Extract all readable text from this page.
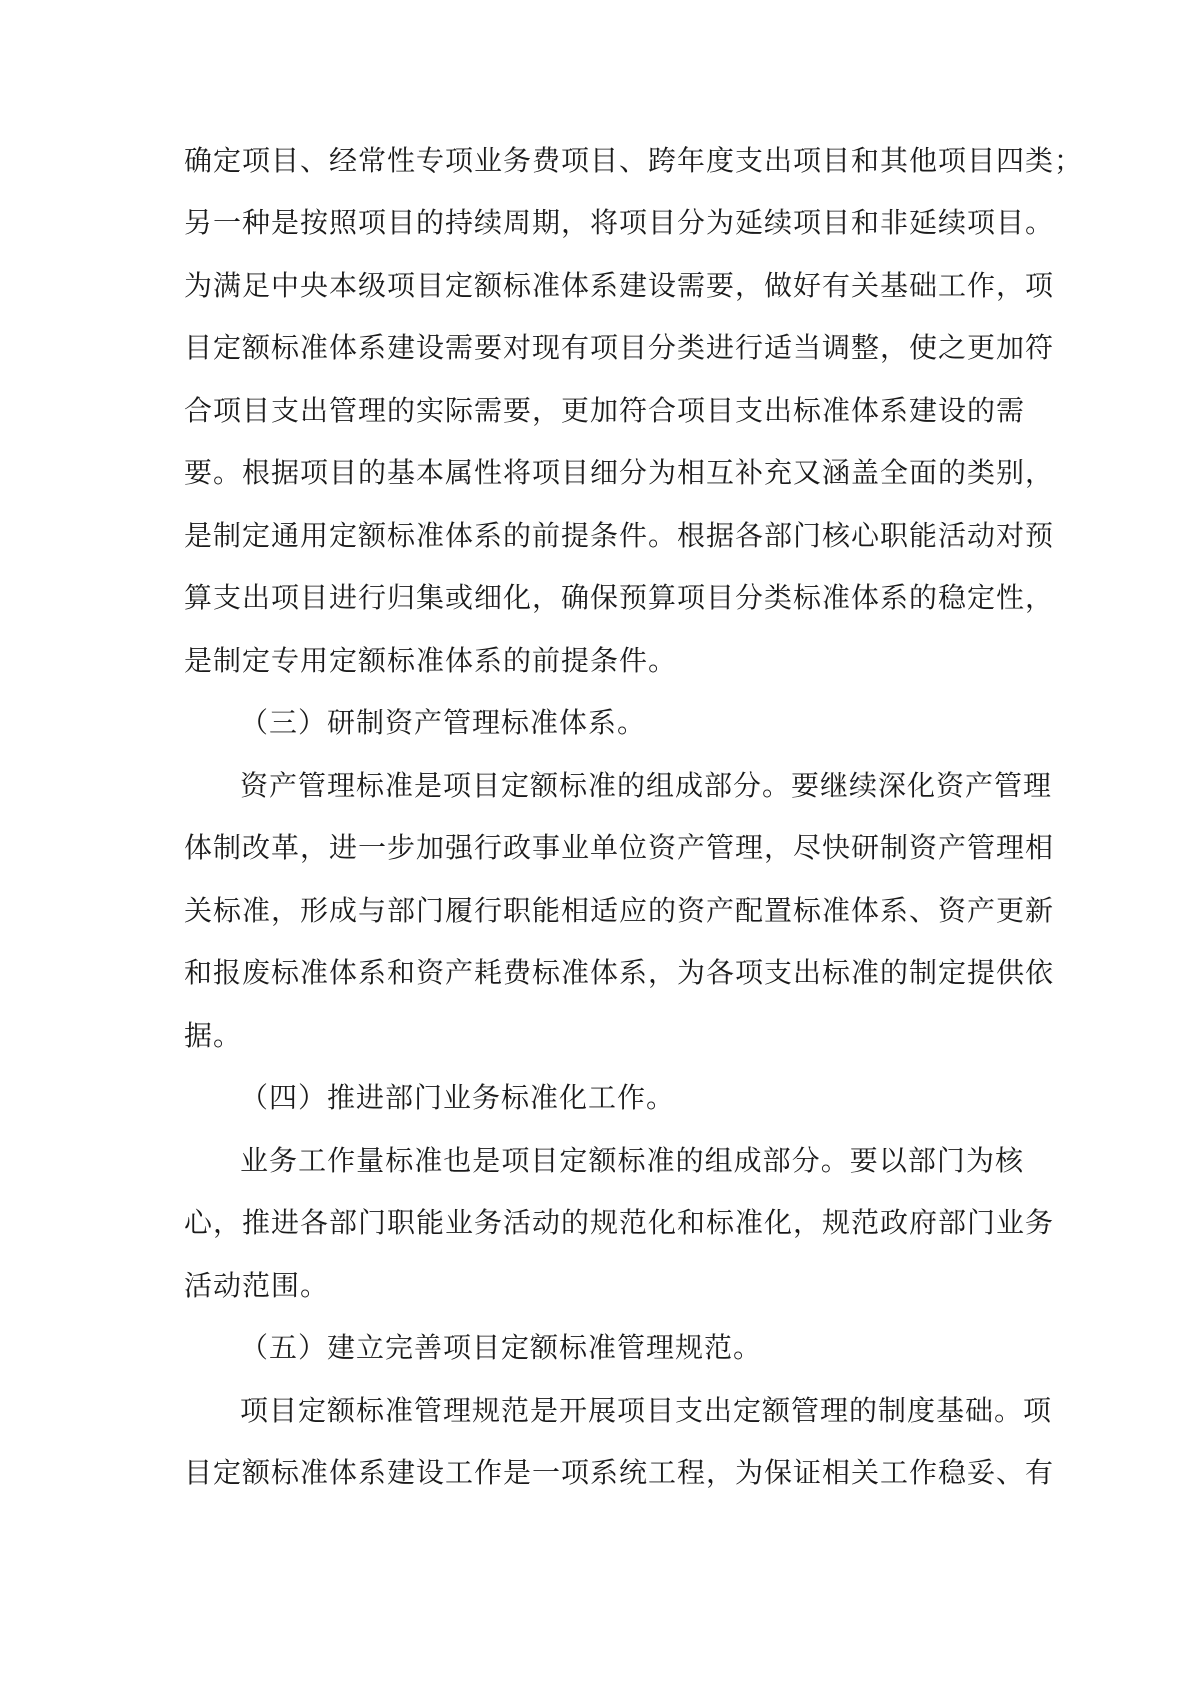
确定项目、经常性专项业务费项目、跨年度支出项目和其他项目四类；
另一种是按照项目的持续周期，将项目分为延续项目和非延续项目。
为满足中央本级项目定额标准体系建设需要，做好有关基础工作，项
目定额标准体系建设需要对现有项目分类进行适当调整，使之更加符
合项目支出管理的实际需要，更加符合项目支出标准体系建设的需
要。根据项目的基本属性将项目细分为相互补充又涵盖全面的类别，
是制定通用定额标准体系的前提条件。根据各部门核心职能活动对预
算支出项目进行归集或细化，确保预算项目分类标准体系的稳定性，
是制定专用定额标准体系的前提条件。
（三）研制资产管理标准体系。
资产管理标准是项目定额标准的组成部分。要继续深化资产管理
体制改革，进一步加强行政事业单位资产管理，尽快研制资产管理相
关标准，形成与部门履行职能相适应的资产配置标准体系、资产更新
和报废标准体系和资产耗费标准体系，为各项支出标准的制定提供依
据。
（四）推进部门业务标准化工作。
业务工作量标准也是项目定额标准的组成部分。要以部门为核
心，推进各部门职能业务活动的规范化和标准化，规范政府部门业务
活动范围。
（五）建立完善项目定额标准管理规范。
项目定额标准管理规范是开展项目支出定额管理的制度基础。项
目定额标准体系建设工作是一项系统工程，为保证相关工作稳妥、有
